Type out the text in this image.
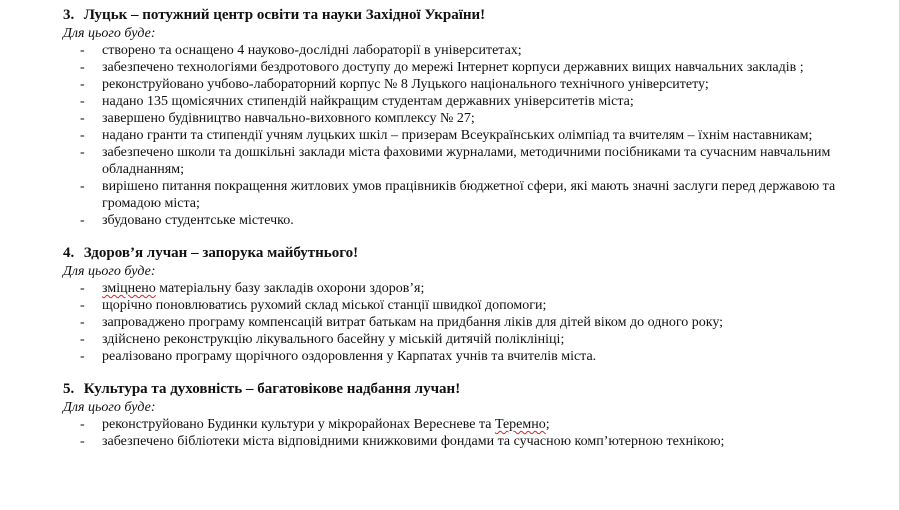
3. Луцьк – потужний центр освіти та науки Західної України!

Для цього буде:

- створено та оснащено 4 науково-дослідні лабораторії в університетах;
- забезпечено технологіями бездротового доступу до мережі Інтернет корпуси державних вищих навчальних закладів ;
- реконструйовано учбово-лабораторний корпус № 8 Луцького національного технічного університету;
- надано 135 щомісячних стипендій найкращим студентам державних університетів міста;
- завершено будівництво навчально-виховного комплексу № 27;
- надано гранти та стипендії учням луцьких шкіл – призерам Всеукраїнських олімпіад та вчителям – їхнім наставникам;
- забезпечено школи та дошкільні заклади міста фаховими журналами, методичними посібниками та сучасним навчальним обладнанням;
- вирішено питання покращення житлових умов працівників бюджетної сфери, які мають значні заслуги перед державою та громадою міста;
- збудовано студентське містечко.

4. Здоров’я лучан – запорука майбутнього!

Для цього буде:

- зміцнено матеріальну базу закладів охорони здоров’я;
- щорічно поновлюватись рухомий склад міської станції швидкої допомоги;
- запроваджено програму компенсацій витрат батькам на придбання ліків для дітей віком до одного року;
- здійснено реконструкцію лікувального басейну у міській дитячій поліклініці;
- реалізовано програму щорічного оздоровлення у Карпатах учнів та вчителів міста.

5. Культура та духовність – багатовікове надбання лучан!

Для цього буде:

- реконструйовано Будинки культури у мікрорайонах Вересневе та Теремно;
- забезпечено бібліотеки міста відповідними книжковими фондами та сучасною комп’ютерною технікою;
